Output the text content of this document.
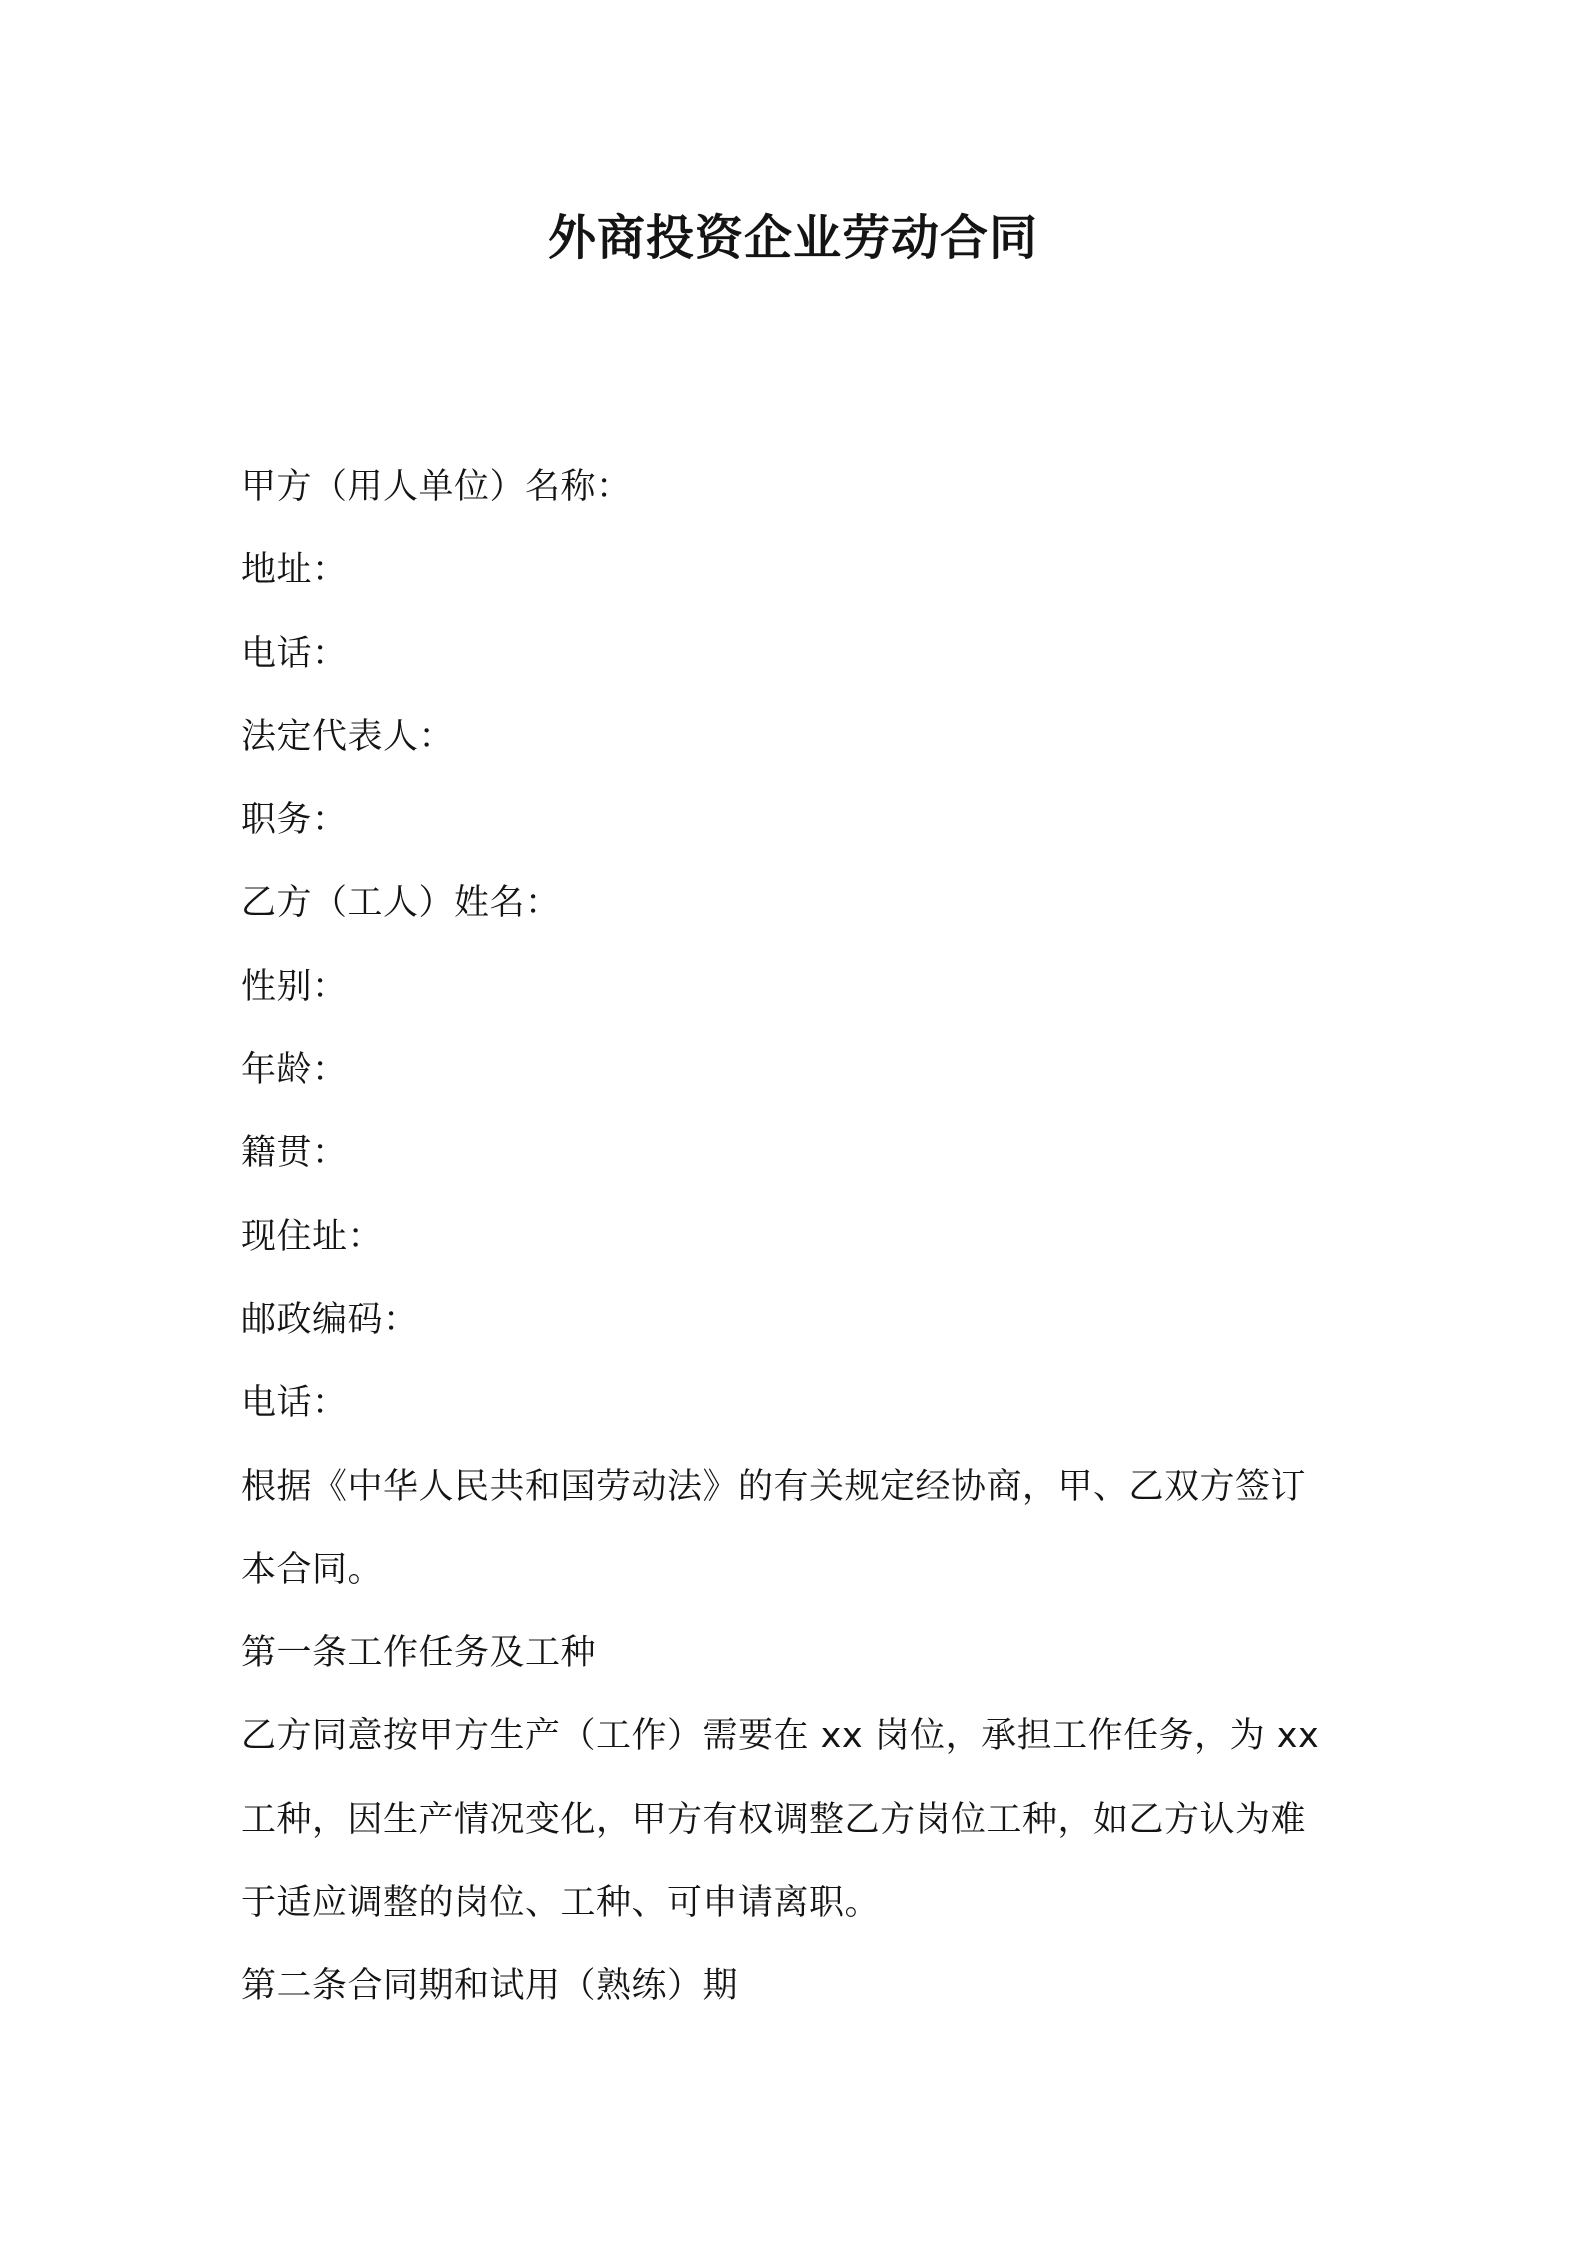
外商投资企业劳动合同

甲方（用人单位）名称：

地址：

电话：

法定代表人：

职务：

乙方（工人）姓名：

性别：

年龄：

籍贯：

现住址：

邮政编码：

电话：

根据《中华人民共和国劳动法》的有关规定经协商，甲、乙双方签订

本合同。

第一条工作任务及工种

乙方同意按甲方生产（工作）需要在 xx 岗位，承担工作任务，为 xx

工种，因生产情况变化，甲方有权调整乙方岗位工种，如乙方认为难

于适应调整的岗位、工种、可申请离职。

第二条合同期和试用（熟练）期
